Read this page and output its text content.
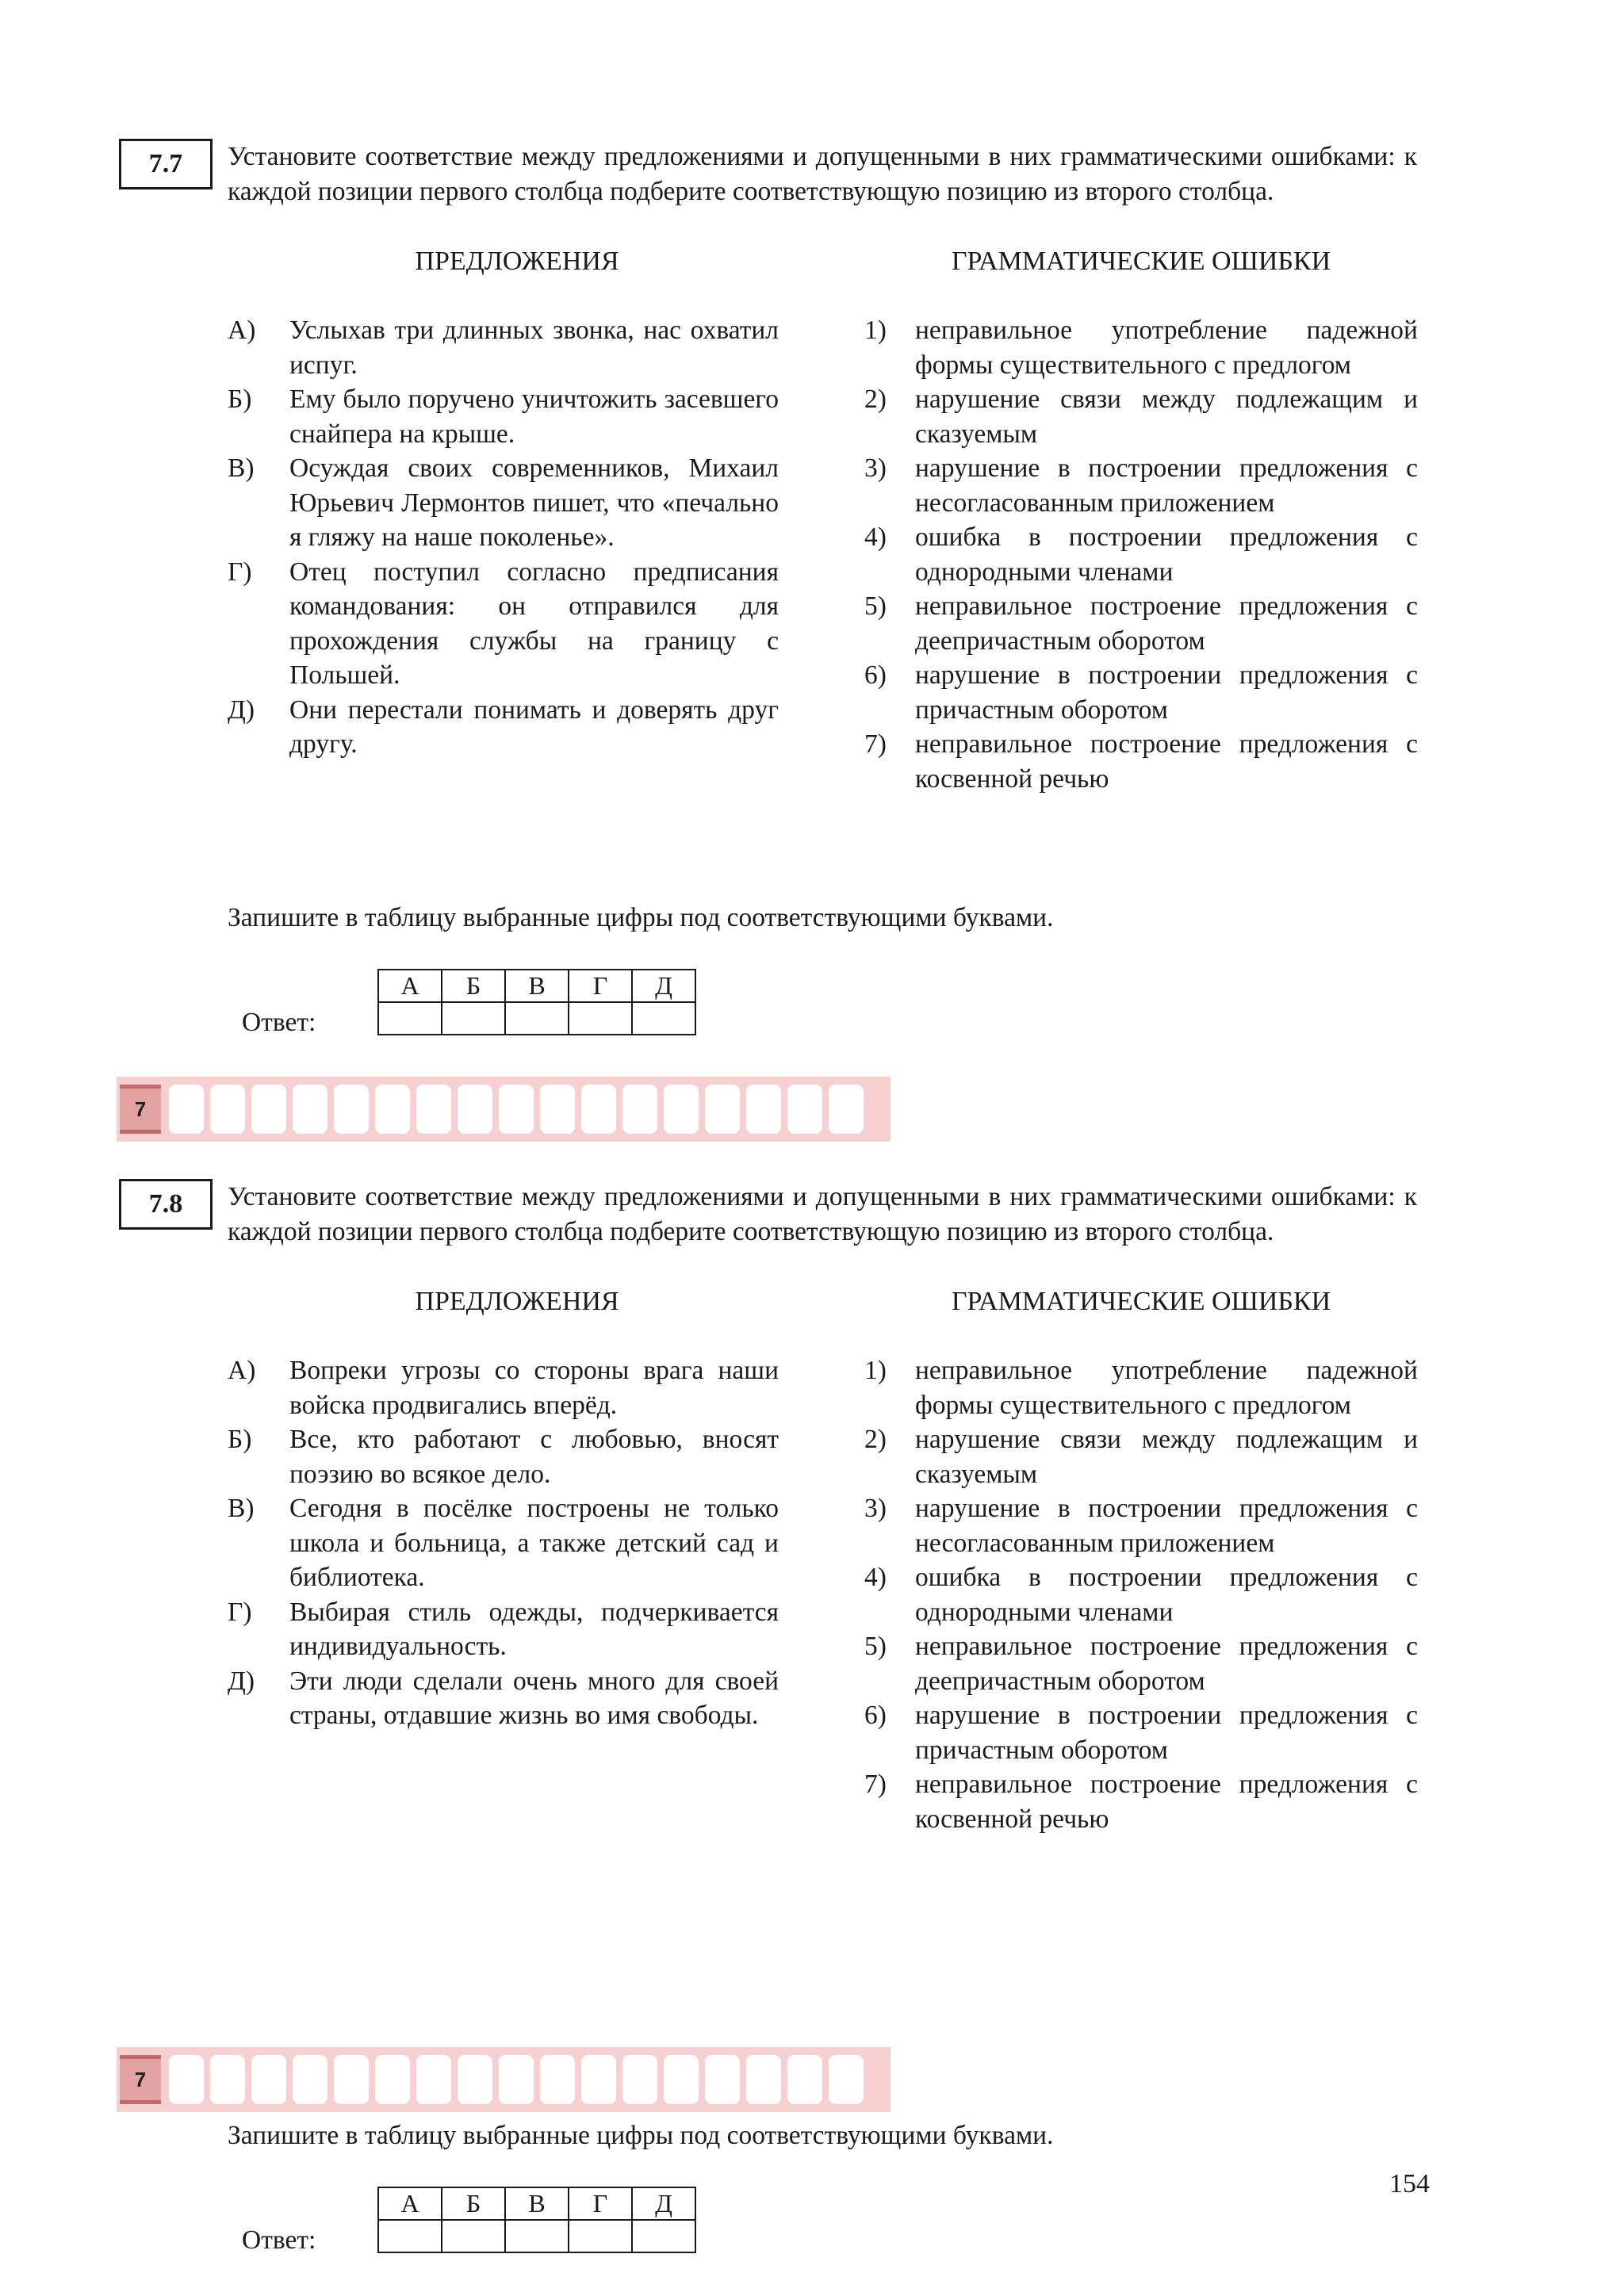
7.7	Установите соответствие между предложениями и допущенными в них грамматическими ошибками: к каждой позиции первого столбца подберите соответствующую позицию из второго столбца.

ПРЕДЛОЖЕНИЯ	ГРАММАТИЧЕСКИЕ ОШИБКИ
А)	Услыхав три длинных звонка, нас охватил испуг.
Б)	Ему было поручено уничтожить засевшего снайпера на крыше.
В)	Осуждая своих современников, Михаил Юрьевич Лермонтов пишет, что «печально я гляжу на наше поколенье».
Г)	Отец поступил согласно предписания командования: он отправился для прохождения службы на границу с Польшей.
Д)	Они перестали понимать и доверять друг другу.
1)	неправильное употребление падежной формы существительного с предлогом
2)	нарушение связи между подлежащим и сказуемым
3)	нарушение в построении предложения с несогласованным приложением
4)	ошибка в построении предложения с однородными членами
5)	неправильное построение предложения с деепричастным оборотом
6)	нарушение в построении предложения с причастным оборотом
7)	неправильное построение предложения с косвенной речью

Запишите в таблицу выбранные цифры под соответствующими буквами.

Ответ:
А	Б	В	Г	Д

7
7.8	Установите соответствие между предложениями и допущенными в них грамматическими ошибками: к каждой позиции первого столбца подберите соответствующую позицию из второго столбца.

ПРЕДЛОЖЕНИЯ	ГРАММАТИЧЕСКИЕ ОШИБКИ
А)	Вопреки угрозы со стороны врага наши войска продвигались вперёд.
Б)	Все, кто работают с любовью, вносят поэзию во всякое дело.
В)	Сегодня в посёлке построены не только школа и больница, а также детский сад и библиотека.
Г)	Выбирая стиль одежды, подчеркивается индивидуальность.
Д)	Эти люди сделали очень много для своей страны, отдавшие жизнь во имя свободы.
1)	неправильное употребление падежной формы существительного с предлогом
2)	нарушение связи между подлежащим и сказуемым
3)	нарушение в построении предложения с несогласованным приложением
4)	ошибка в построении предложения с однородными членами
5)	неправильное построение предложения с деепричастным оборотом
6)	нарушение в построении предложения с причастным оборотом
7)	неправильное построение предложения с косвенной речью

Запишите в таблицу выбранные цифры под соответствующими буквами.

Ответ:
А	Б	В	Г	Д

7
154
